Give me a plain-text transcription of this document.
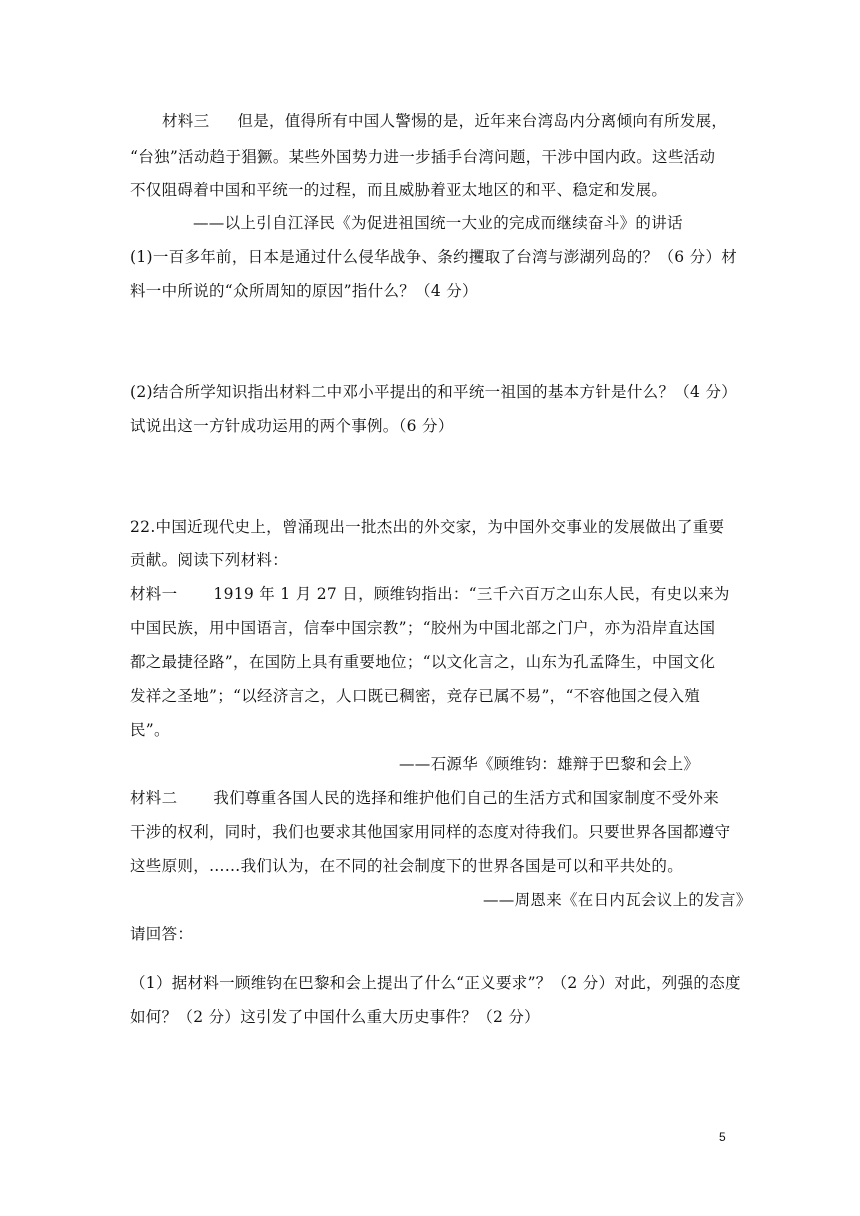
材料三 但是，值得所有中国人警惕的是，近年来台湾岛内分离倾向有所发展，
“台独”活动趋于猖獗。某些外国势力进一步插手台湾问题，干涉中国内政。这些活动
不仅阻碍着中国和平统一的过程，而且威胁着亚太地区的和平、稳定和发展。
——以上引自江泽民《为促进祖国统一大业的完成而继续奋斗》的讲话
(1)一百多年前，日本是通过什么侵华战争、条约攫取了台湾与澎湖列岛的？（6 分）材
料一中所说的“众所周知的原因”指什么？（4 分）
(2)结合所学知识指出材料二中邓小平提出的和平统一祖国的基本方针是什么？（4 分）
试说出这一方针成功运用的两个事例。（6 分）
22.中国近现代史上，曾涌现出一批杰出的外交家，为中国外交事业的发展做出了重要
贡献。阅读下列材料：
材料一 1919 年 1 月 27 日，顾维钧指出：“三千六百万之山东人民，有史以来为
中国民族，用中国语言，信奉中国宗教”；“胶州为中国北部之门户，亦为沿岸直达国
都之最捷径路”，在国防上具有重要地位；“以文化言之，山东为孔孟降生，中国文化
发祥之圣地”；“以经济言之，人口既已稠密，竞存已属不易”，“不容他国之侵入殖
民”。
——石源华《顾维钧：雄辩于巴黎和会上》
材料二 我们尊重各国人民的选择和维护他们自己的生活方式和国家制度不受外来
干涉的权利，同时，我们也要求其他国家用同样的态度对待我们。只要世界各国都遵守
这些原则，……我们认为，在不同的社会制度下的世界各国是可以和平共处的。
——周恩来《在日内瓦会议上的发言》
请回答：
（1）据材料一顾维钧在巴黎和会上提出了什么“正义要求”？（2 分）对此，列强的态度
如何？（2 分）这引发了中国什么重大历史事件？（2 分）
5
